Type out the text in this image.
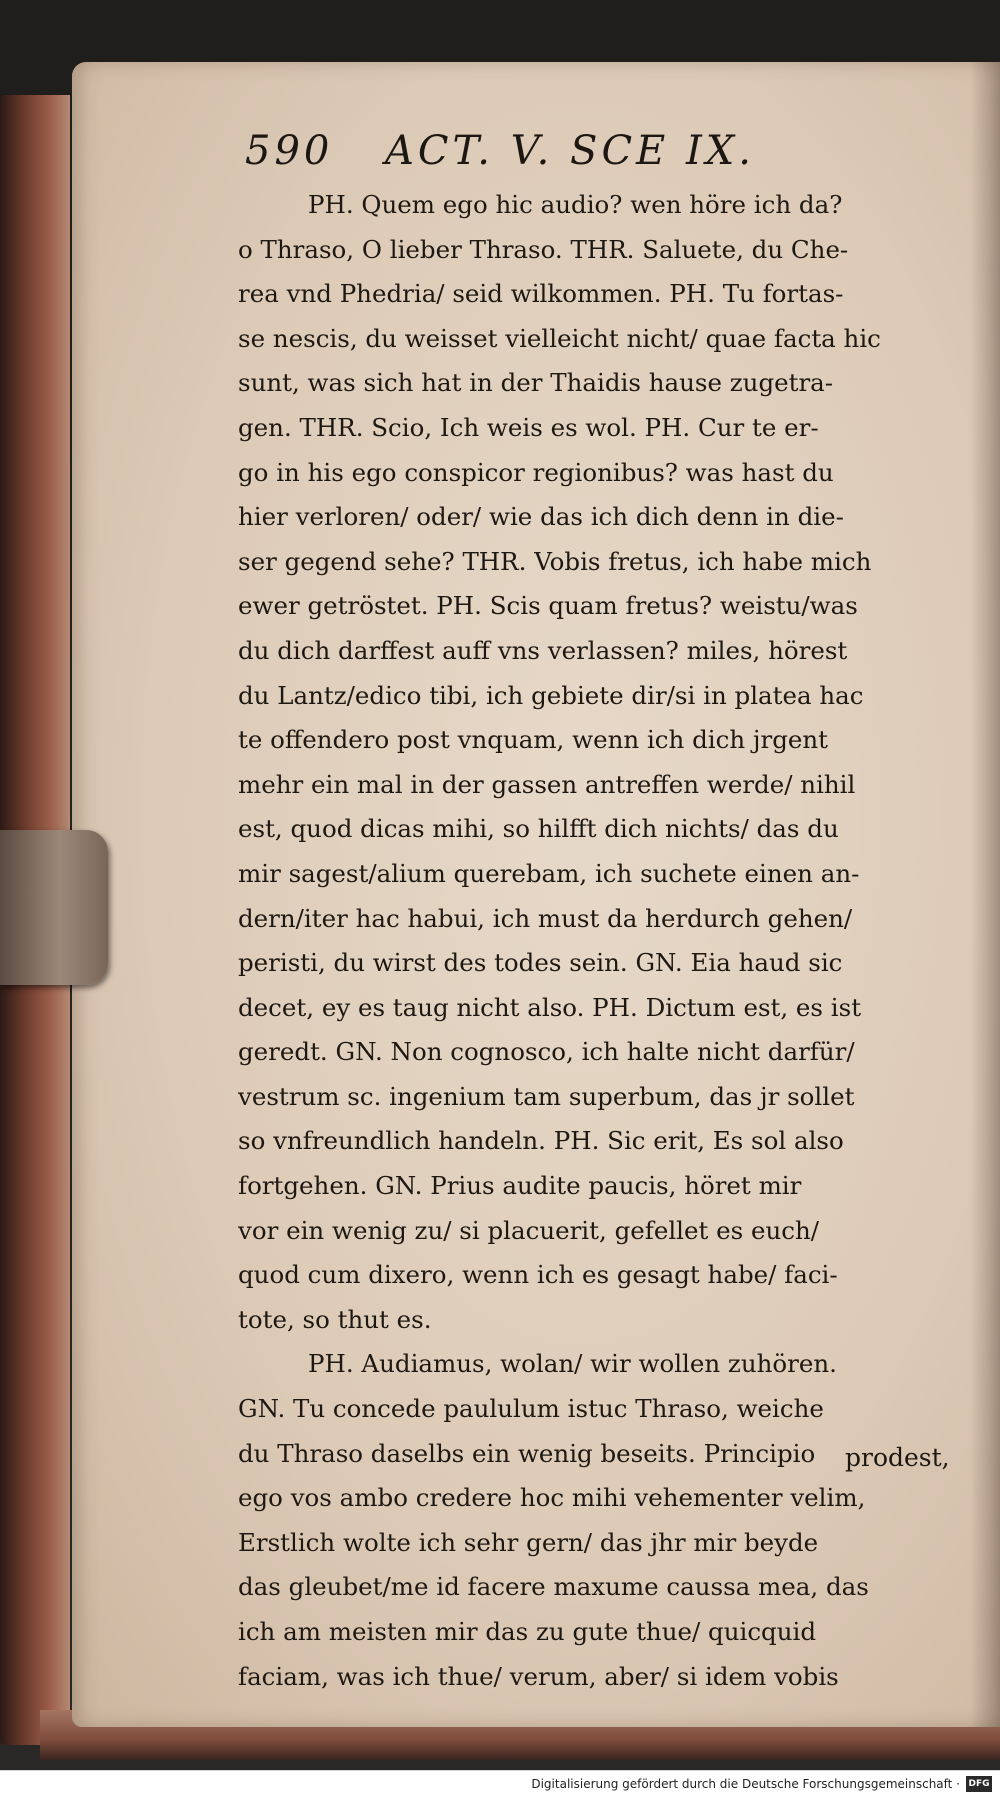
590 ACT. V. SCE IX.
PH. Quem ego hic audio? wen höre ich da?
o Thraso, O lieber Thraso. THR. Saluete, du Che-
rea vnd Phedria/ seid wilkommen. PH. Tu fortas-
se nescis, du weisset vielleicht nicht/ quae facta hic
sunt, was sich hat in der Thaidis hause zugetra-
gen. THR. Scio, Ich weis es wol. PH. Cur te er-
go in his ego conspicor regionibus? was hast du
hier verloren/ oder/ wie das ich dich denn in die-
ser gegend sehe? THR. Vobis fretus, ich habe mich
ewer getröstet. PH. Scis quam fretus? weistu/was
du dich darffest auff vns verlassen? miles, hörest
du Lantz/edico tibi, ich gebiete dir/si in platea hac
te offendero post vnquam, wenn ich dich jrgent
mehr ein mal in der gassen antreffen werde/ nihil
est, quod dicas mihi, so hilfft dich nichts/ das du
mir sagest/alium querebam, ich suchete einen an-
dern/iter hac habui, ich must da herdurch gehen/
peristi, du wirst des todes sein. GN. Eia haud sic
decet, ey es taug nicht also. PH. Dictum est, es ist
geredt. GN. Non cognosco, ich halte nicht darfür/
vestrum sc. ingenium tam superbum, das jr sollet
so vnfreundlich handeln. PH. Sic erit, Es sol also
fortgehen. GN. Prius audite paucis, höret mir
vor ein wenig zu/ si placuerit, gefellet es euch/
quod cum dixero, wenn ich es gesagt habe/ faci-
tote, so thut es.
PH. Audiamus, wolan/ wir wollen zuhören.
GN. Tu concede paululum istuc Thraso, weiche
du Thraso daselbs ein wenig beseits. Principio
ego vos ambo credere hoc mihi vehementer velim,
Erstlich wolte ich sehr gern/ das jhr mir beyde
das gleubet/me id facere maxume caussa mea, das
ich am meisten mir das zu gute thue/ quicquid
faciam, was ich thue/ verum, aber/ si idem vobis
prodest,
Digitalisierung gefördert durch die Deutsche Forschungsgemeinschaft · DFG
